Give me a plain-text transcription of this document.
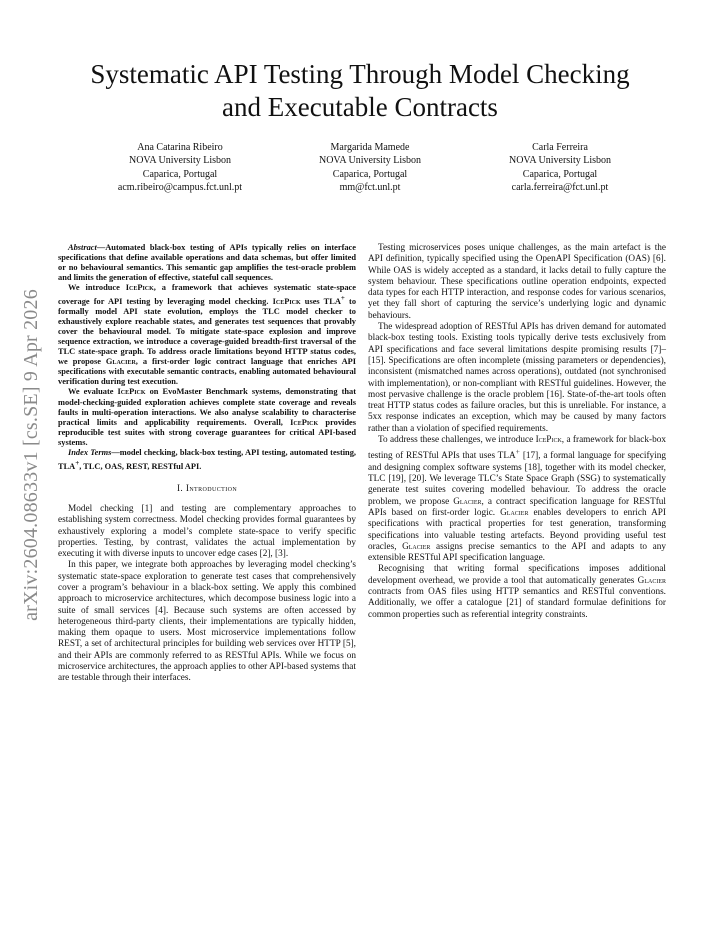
arXiv:2604.08633v1 [cs.SE] 9 Apr 2026
Systematic API Testing Through Model Checking
and Executable Contracts
Ana Catarina Ribeiro
NOVA University Lisbon
Caparica, Portugal
acm.ribeiro@campus.fct.unl.pt
Margarida Mamede
NOVA University Lisbon
Caparica, Portugal
mm@fct.unl.pt
Carla Ferreira
NOVA University Lisbon
Caparica, Portugal
carla.ferreira@fct.unl.pt

Abstract—Automated black-box testing of APIs typically relies on interface specifications that define available operations and data schemas, but offer limited or no behavioural semantics. This semantic gap amplifies the test-oracle problem and limits the generation of effective, stateful call sequences.

We introduce IcePick, a framework that achieves systematic state-space coverage for API testing by leveraging model checking. IcePick uses TLA+ to formally model API state evolution, employs the TLC model checker to exhaustively explore reachable states, and generates test sequences that provably cover the behavioural model. To mitigate state-space explosion and improve sequence extraction, we introduce a coverage-guided breadth-first traversal of the TLC state-space graph. To address oracle limitations beyond HTTP status codes, we propose Glacier, a first-order logic contract language that enriches API specifications with executable semantic contracts, enabling automated behavioural verification during test execution.

We evaluate IcePick on EvoMaster Benchmark systems, demonstrating that model-checking-guided exploration achieves complete state coverage and reveals faults in multi-operation interactions. We also analyse scalability to characterise practical limits and applicability requirements. Overall, IcePick provides reproducible test suites with strong coverage guarantees for critical API-based systems.

Index Terms—model checking, black-box testing, API testing, automated testing, TLA+, TLC, OAS, REST, RESTful API.

I. Introduction

Model checking [1] and testing are complementary approaches to establishing system correctness. Model checking provides formal guarantees by exhaustively exploring a model’s complete state-space to verify specific properties. Testing, by contrast, validates the actual implementation by executing it with diverse inputs to uncover edge cases [2], [3].

In this paper, we integrate both approaches by leveraging model checking’s systematic state-space exploration to generate test cases that comprehensively cover a program’s behaviour in a black-box setting. We apply this combined approach to microservice architectures, which decompose business logic into a suite of small services [4]. Because such systems are often accessed by heterogeneous third-party clients, their implementations are typically hidden, making them opaque to users. Most microservice implementations follow REST, a set of architectural principles for building web services over HTTP [5], and their APIs are commonly referred to as RESTful APIs. While we focus on microservice architectures, the approach applies to other API-based systems that are testable through their interfaces.

Testing microservices poses unique challenges, as the main artefact is the API definition, typically specified using the OpenAPI Specification (OAS) [6]. While OAS is widely accepted as a standard, it lacks detail to fully capture the system behaviour. These specifications outline operation endpoints, expected data types for each HTTP interaction, and response codes for various scenarios, yet they fall short of capturing the service’s underlying logic and dynamic behaviours.

The widespread adoption of RESTful APIs has driven demand for automated black-box testing tools. Existing tools typically derive tests exclusively from API specifications and face several limitations despite promising results [7]–[15]. Specifications are often incomplete (missing parameters or dependencies), inconsistent (mismatched names across operations), outdated (not synchronised with implementation), or non-compliant with RESTful guidelines. However, the most pervasive challenge is the oracle problem [16]. State-of-the-art tools often treat HTTP status codes as failure oracles, but this is unreliable. For instance, a 5xx response indicates an exception, which may be caused by many factors rather than a violation of specified requirements.

To address these challenges, we introduce IcePick, a framework for black-box testing of RESTful APIs that uses TLA+ [17], a formal language for specifying and designing complex software systems [18], together with its model checker, TLC [19], [20]. We leverage TLC’s State Space Graph (SSG) to systematically generate test suites covering modelled behaviour. To address the oracle problem, we propose Glacier, a contract specification language for RESTful APIs based on first-order logic. Glacier enables developers to enrich API specifications with practical properties for test generation, transforming specifications into valuable testing artefacts. Beyond providing useful test oracles, Glacier assigns precise semantics to the API and adapts to any extensible RESTful API specification language.

Recognising that writing formal specifications imposes additional development overhead, we provide a tool that automatically generates Glacier contracts from OAS files using HTTP semantics and RESTful conventions. Additionally, we offer a catalogue [21] of standard formulae definitions for common properties such as referential integrity constraints.
